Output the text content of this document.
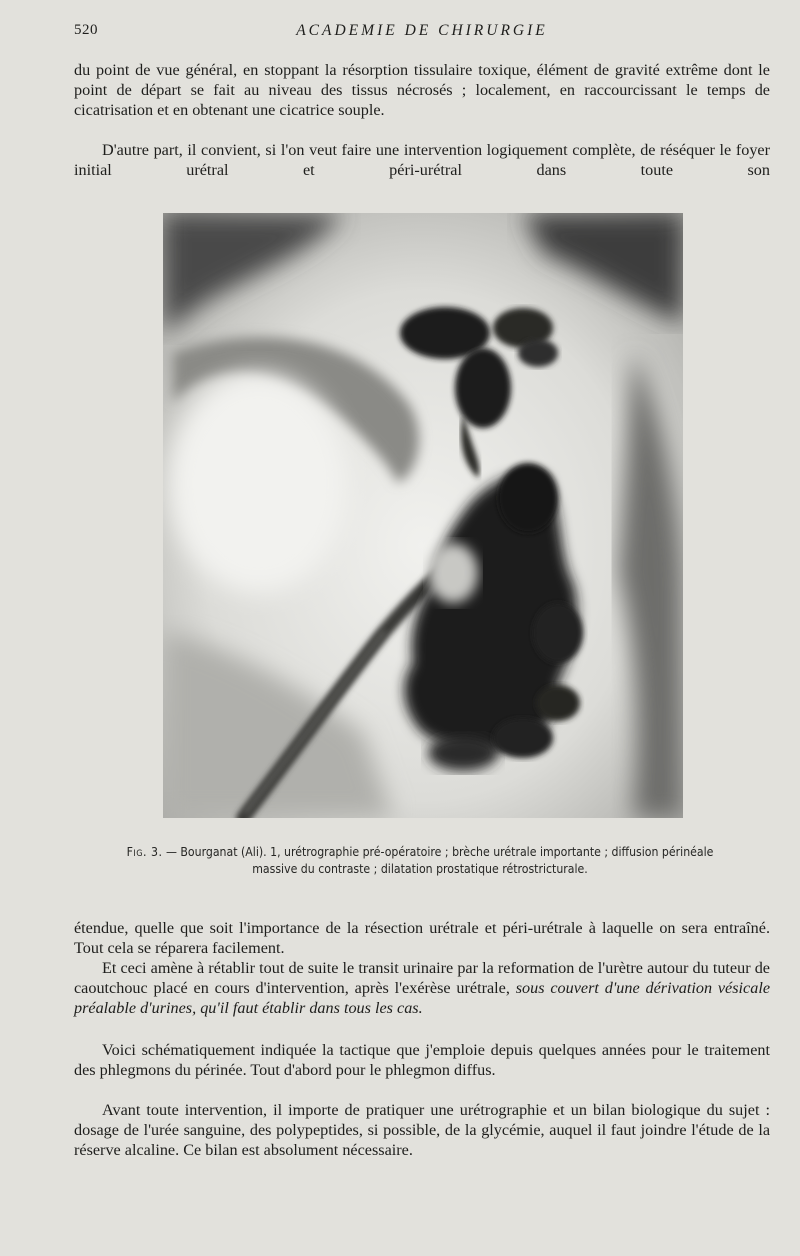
520	ACADEMIE DE CHIRURGIE

du point de vue général, en stoppant la résorption tissulaire toxique, élément de gravité extrême dont le point de départ se fait au niveau des tissus nécrosés ; localement, en raccourcissant le temps de cicatrisation et en obtenant une cicatrice souple.

D'autre part, il convient, si l'on veut faire une intervention logiquement complète, de réséquer le foyer initial urétral et péri-urétral dans toute son

Fig. 3. — Bourganat (Ali). 1, urétrographie pré-opératoire ; brèche urétrale importante ; diffusion périnéale massive du contraste ; dilatation prostatique rétrostricturale.

étendue, quelle que soit l'importance de la résection urétrale et péri-urétrale à laquelle on sera entraîné. Tout cela se réparera facilement.

Et ceci amène à rétablir tout de suite le transit urinaire par la reformation de l'urètre autour du tuteur de caoutchouc placé en cours d'intervention, après l'exérèse urétrale, sous couvert d'une dérivation vésicale préalable d'urines, qu'il faut établir dans tous les cas.

Voici schématiquement indiquée la tactique que j'emploie depuis quelques années pour le traitement des phlegmons du périnée. Tout d'abord pour le phlegmon diffus.

Avant toute intervention, il importe de pratiquer une urétrographie et un bilan biologique du sujet : dosage de l'urée sanguine, des polypeptides, si possible, de la glycémie, auquel il faut joindre l'étude de la réserve alcaline. Ce bilan est absolument nécessaire.
